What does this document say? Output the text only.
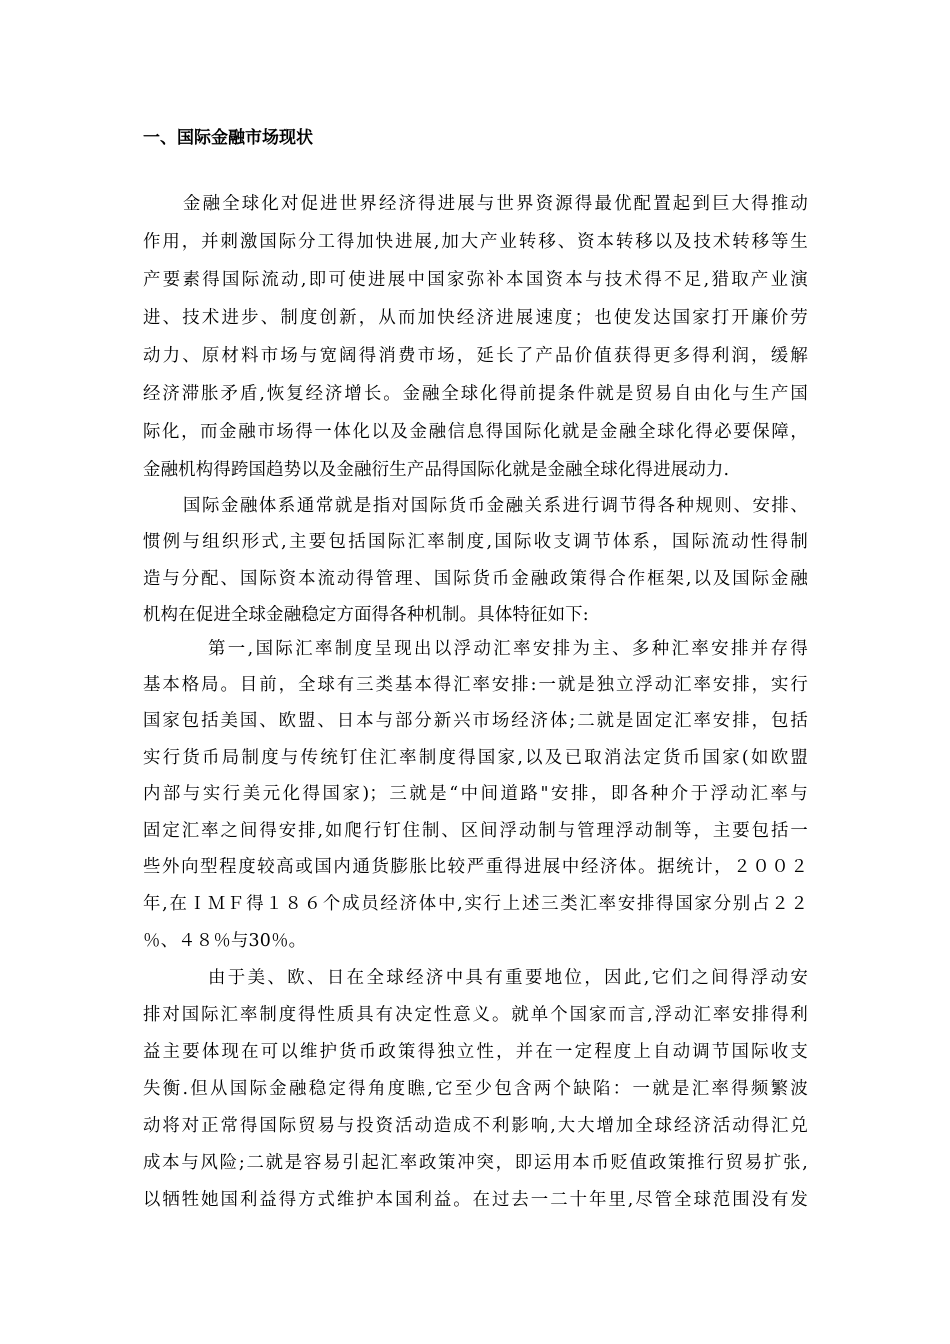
一、国际金融市场现状
金融全球化对促进世界经济得进展与世界资源得最优配置起到巨大得推动
作用，并刺激国际分工得加快进展,加大产业转移、资本转移以及技术转移等生
产要素得国际流动,即可使进展中国家弥补本国资本与技术得不足,猎取产业演
进、技术进步、制度创新，从而加快经济进展速度；也使发达国家打开廉价劳
动力、原材料市场与宽阔得消费市场，延长了产品价值获得更多得利润，缓解
经济滞胀矛盾,恢复经济增长。金融全球化得前提条件就是贸易自由化与生产国
际化，而金融市场得一体化以及金融信息得国际化就是金融全球化得必要保障，
金融机构得跨国趋势以及金融衍生产品得国际化就是金融全球化得进展动力.
国际金融体系通常就是指对国际货币金融关系进行调节得各种规则、安排、
惯例与组织形式,主要包括国际汇率制度,国际收支调节体系，国际流动性得制
造与分配、国际资本流动得管理、国际货币金融政策得合作框架,以及国际金融
机构在促进全球金融稳定方面得各种机制。具体特征如下:
第一,国际汇率制度呈现出以浮动汇率安排为主、多种汇率安排并存得
基本格局。目前，全球有三类基本得汇率安排:一就是独立浮动汇率安排，实行
国家包括美国、欧盟、日本与部分新兴市场经济体;二就是固定汇率安排，包括
实行货币局制度与传统钉住汇率制度得国家,以及已取消法定货币国家(如欧盟
内部与实行美元化得国家)；三就是“中间道路"安排，即各种介于浮动汇率与
固定汇率之间得安排,如爬行钉住制、区间浮动制与管理浮动制等，主要包括一
些外向型程度较高或国内通货膨胀比较严重得进展中经济体。据统计，２００２
年,在ＩＭＦ得１８６个成员经济体中,实行上述三类汇率安排得国家分别占２２
％、４８％与30％。
由于美、欧、日在全球经济中具有重要地位，因此,它们之间得浮动安
排对国际汇率制度得性质具有决定性意义。就单个国家而言,浮动汇率安排得利
益主要体现在可以维护货币政策得独立性，并在一定程度上自动调节国际收支
失衡.但从国际金融稳定得角度瞧,它至少包含两个缺陷：一就是汇率得频繁波
动将对正常得国际贸易与投资活动造成不利影响,大大增加全球经济活动得汇兑
成本与风险;二就是容易引起汇率政策冲突，即运用本币贬值政策推行贸易扩张,
以牺牲她国利益得方式维护本国利益。在过去一二十年里,尽管全球范围没有发
